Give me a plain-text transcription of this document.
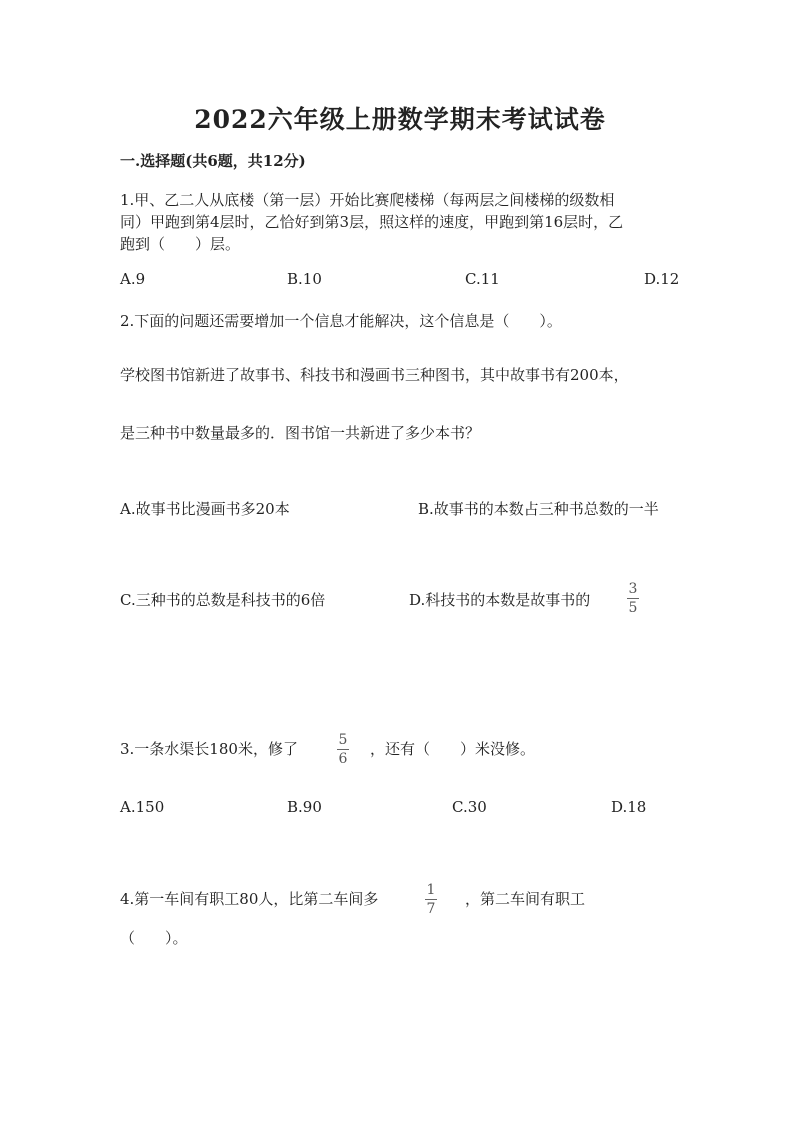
2022六年级上册数学期末考试试卷
一.选择题(共6题，共12分)
1.甲、乙二人从底楼（第一层）开始比赛爬楼梯（每两层之间楼梯的级数相
同）甲跑到第4层时，乙恰好到第3层，照这样的速度，甲跑到第16层时，乙
跑到（　　）层。
A.9	B.10	C.11	D.12
2.下面的问题还需要增加一个信息才能解决，这个信息是（　　）。
学校图书馆新进了故事书、科技书和漫画书三种图书，其中故事书有200本，
是三种书中数量最多的．图书馆一共新进了多少本书？
A.故事书比漫画书多20本	B.故事书的本数占三种书总数的一半
C.三种书的总数是科技书的6倍	D.科技书的本数是故事书的
3
5
3.一条水渠长180米，修了	5
6
，还有（　　）米没修。
A.150	B.90	C.30	D.18
4.第一车间有职工80人，比第二车间多	1
7
，第二车间有职工
（　　）。
